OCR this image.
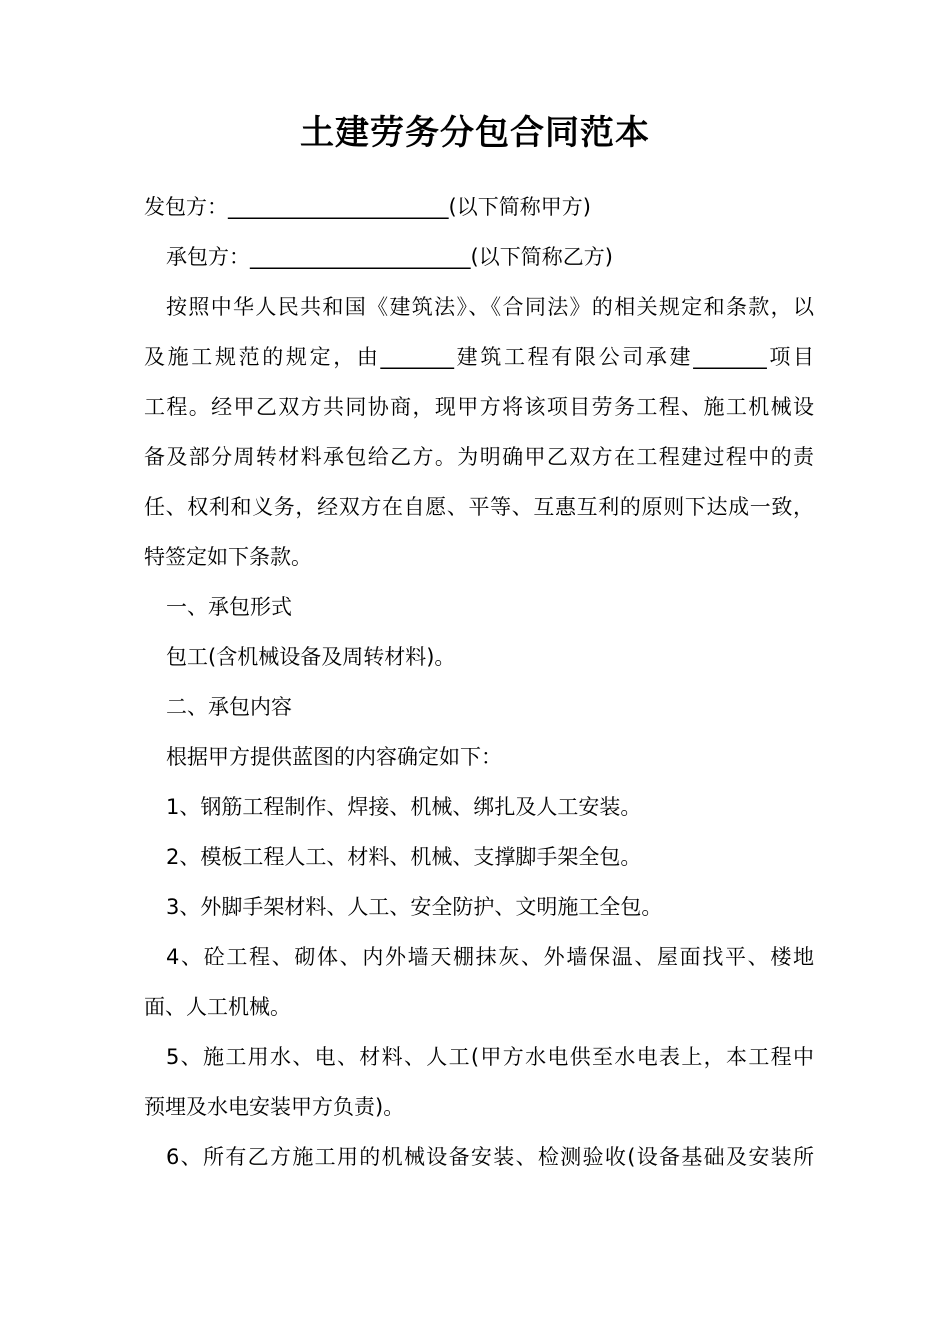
土建劳务分包合同范本
发包方：_____________________(以下简称甲方)
承包方：_____________________(以下简称乙方)
按照中华人民共和国《建筑法》、《合同法》的相关规定和条款，以
及施工规范的规定，由_______建筑工程有限公司承建_______项目
工程。经甲乙双方共同协商，现甲方将该项目劳务工程、施工机械设
备及部分周转材料承包给乙方。为明确甲乙双方在工程建过程中的责
任、权利和义务，经双方在自愿、平等、互惠互利的原则下达成一致，
特签定如下条款。
一、承包形式
包工(含机械设备及周转材料)。
二、承包内容
根据甲方提供蓝图的内容确定如下：
1、钢筋工程制作、焊接、机械、绑扎及人工安装。
2、模板工程人工、材料、机械、支撑脚手架全包。
3、外脚手架材料、人工、安全防护、文明施工全包。
4、砼工程、砌体、内外墙天棚抹灰、外墙保温、屋面找平、楼地
面、人工机械。
5、施工用水、电、材料、人工(甲方水电供至水电表上，本工程中
预埋及水电安装甲方负责)。
6、所有乙方施工用的机械设备安装、检测验收(设备基础及安装所
